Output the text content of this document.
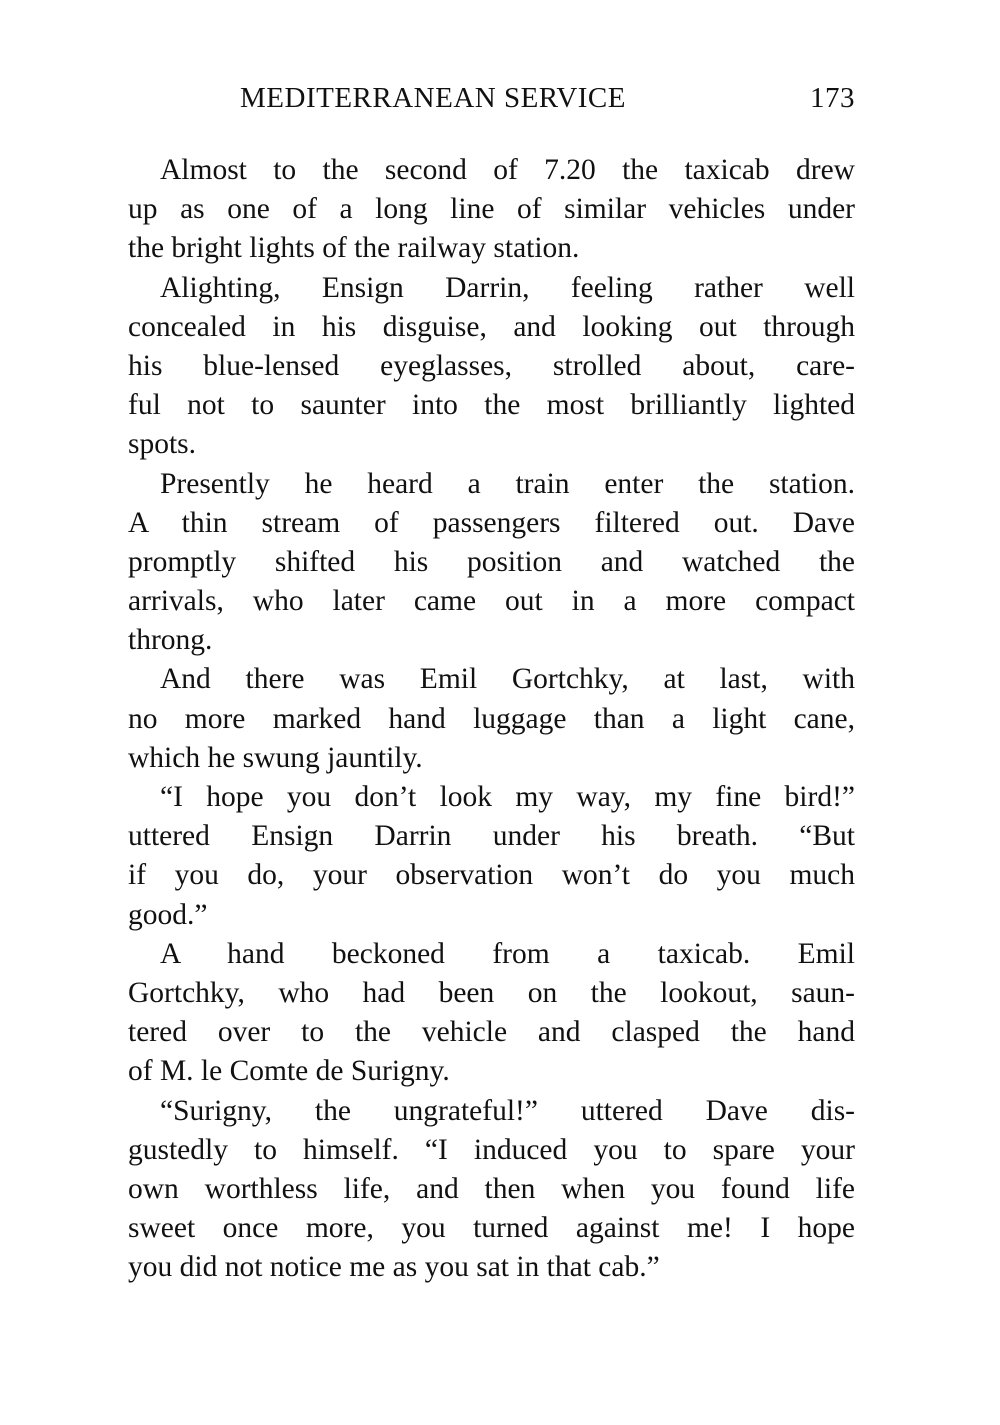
MEDITERRANEAN SERVICE	173
Almost to the second of 7.20 the taxicab drew
up as one of a long line of similar vehicles under
the bright lights of the railway station.
Alighting, Ensign Darrin, feeling rather well
concealed in his disguise, and looking out through
his blue-lensed eyeglasses, strolled about, care-
ful not to saunter into the most brilliantly lighted
spots.
Presently he heard a train enter the station.
A thin stream of passengers filtered out. Dave
promptly shifted his position and watched the
arrivals, who later came out in a more compact
throng.
And there was Emil Gortchky, at last, with
no more marked hand luggage than a light cane,
which he swung jauntily.
“I hope you don’t look my way, my fine bird!”
uttered Ensign Darrin under his breath. “But
if you do, your observation won’t do you much
good.”
A hand beckoned from a taxicab. Emil
Gortchky, who had been on the lookout, saun-
tered over to the vehicle and clasped the hand
of M. le Comte de Surigny.
“Surigny, the ungrateful!” uttered Dave dis-
gustedly to himself. “I induced you to spare your
own worthless life, and then when you found life
sweet once more, you turned against me! I hope
you did not notice me as you sat in that cab.”
